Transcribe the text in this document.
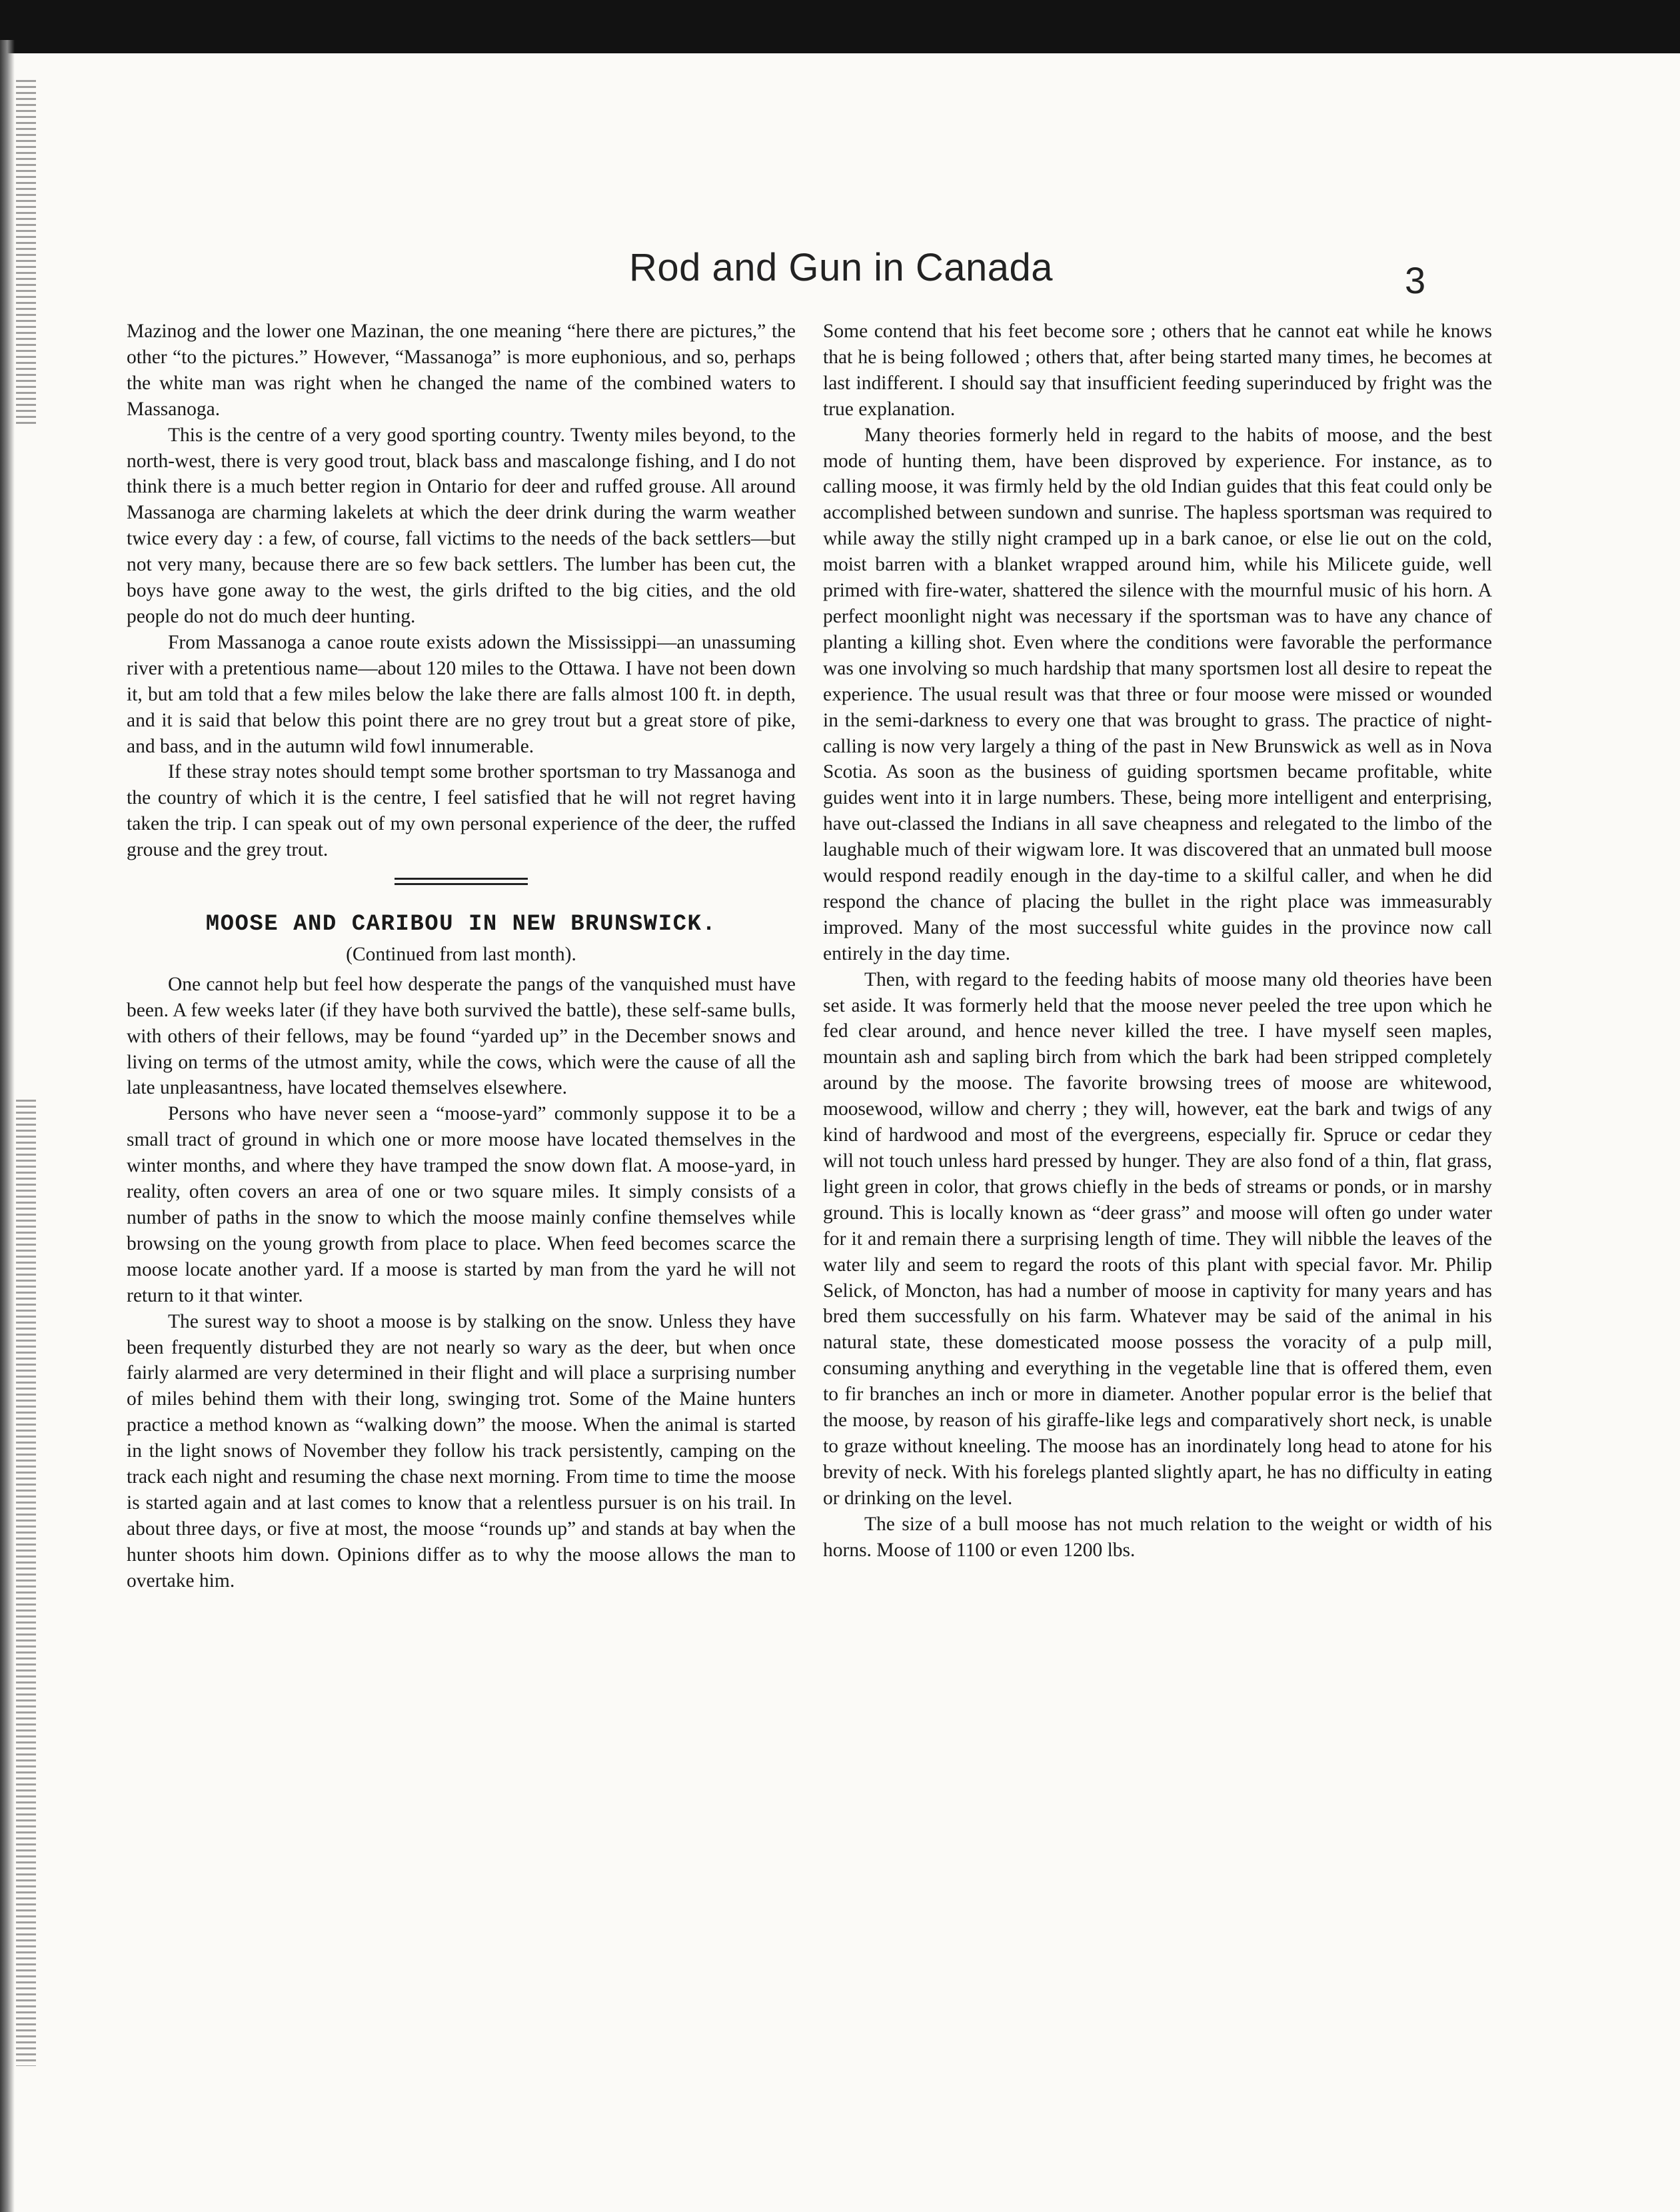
Rod and Gun in Canada	3

Mazinog and the lower one Mazinan, the one meaning “here there are pictures,” the other “to the pictures.” However, “Massanoga” is more euphonious, and so, perhaps the white man was right when he changed the name of the combined waters to Massanoga.

This is the centre of a very good sporting country. Twenty miles beyond, to the north-west, there is very good trout, black bass and mascalonge fishing, and I do not think there is a much better region in Ontario for deer and ruffed grouse. All around Massanoga are charming lakelets at which the deer drink during the warm weather twice every day : a few, of course, fall victims to the needs of the back settlers—but not very many, because there are so few back settlers. The lumber has been cut, the boys have gone away to the west, the girls drifted to the big cities, and the old people do not do much deer hunting.

From Massanoga a canoe route exists adown the Mississippi—an unassuming river with a pretentious name—about 120 miles to the Ottawa. I have not been down it, but am told that a few miles below the lake there are falls almost 100 ft. in depth, and it is said that below this point there are no grey trout but a great store of pike, and bass, and in the autumn wild fowl innumerable.

If these stray notes should tempt some brother sportsman to try Massanoga and the country of which it is the centre, I feel satisfied that he will not regret having taken the trip. I can speak out of my own personal experience of the deer, the ruffed grouse and the grey trout.

MOOSE AND CARIBOU IN NEW BRUNSWICK.
(Continued from last month).

One cannot help but feel how desperate the pangs of the vanquished must have been. A few weeks later (if they have both survived the battle), these self-same bulls, with others of their fellows, may be found “yarded up” in the December snows and living on terms of the utmost amity, while the cows, which were the cause of all the late unpleasantness, have located themselves elsewhere.

Persons who have never seen a “moose-yard” commonly suppose it to be a small tract of ground in which one or more moose have located themselves in the winter months, and where they have tramped the snow down flat. A moose-yard, in reality, often covers an area of one or two square miles. It simply consists of a number of paths in the snow to which the moose mainly confine themselves while browsing on the young growth from place to place. When feed becomes scarce the moose locate another yard. If a moose is started by man from the yard he will not return to it that winter.

The surest way to shoot a moose is by stalking on the snow. Unless they have been frequently disturbed they are not nearly so wary as the deer, but when once fairly alarmed are very determined in their flight and will place a surprising number of miles behind them with their long, swinging trot. Some of the Maine hunters practice a method known as “walking down” the moose. When the animal is started in the light snows of November they follow his track persistently, camping on the track each night and resuming the chase next morning. From time to time the moose is started again and at last comes to know that a relentless pursuer is on his trail. In about three days, or five at most, the moose “rounds up” and stands at bay when the hunter shoots him down. Opinions differ as to why the moose allows the man to overtake him.

Some contend that his feet become sore ; others that he cannot eat while he knows that he is being followed ; others that, after being started many times, he becomes at last indifferent. I should say that insufficient feeding superinduced by fright was the true explanation.

Many theories formerly held in regard to the habits of moose, and the best mode of hunting them, have been disproved by experience. For instance, as to calling moose, it was firmly held by the old Indian guides that this feat could only be accomplished between sundown and sunrise. The hapless sportsman was required to while away the stilly night cramped up in a bark canoe, or else lie out on the cold, moist barren with a blanket wrapped around him, while his Milicete guide, well primed with fire-water, shattered the silence with the mournful music of his horn. A perfect moonlight night was necessary if the sportsman was to have any chance of planting a killing shot. Even where the conditions were favorable the performance was one involving so much hardship that many sportsmen lost all desire to repeat the experience. The usual result was that three or four moose were missed or wounded in the semi-darkness to every one that was brought to grass. The practice of night-calling is now very largely a thing of the past in New Brunswick as well as in Nova Scotia. As soon as the business of guiding sportsmen became profitable, white guides went into it in large numbers. These, being more intelligent and enterprising, have out-classed the Indians in all save cheapness and relegated to the limbo of the laughable much of their wigwam lore. It was discovered that an unmated bull moose would respond readily enough in the day-time to a skilful caller, and when he did respond the chance of placing the bullet in the right place was immeasurably improved. Many of the most successful white guides in the province now call entirely in the day time.

Then, with regard to the feeding habits of moose many old theories have been set aside. It was formerly held that the moose never peeled the tree upon which he fed clear around, and hence never killed the tree. I have myself seen maples, mountain ash and sapling birch from which the bark had been stripped completely around by the moose. The favorite browsing trees of moose are whitewood, moosewood, willow and cherry ; they will, however, eat the bark and twigs of any kind of hardwood and most of the evergreens, especially fir. Spruce or cedar they will not touch unless hard pressed by hunger. They are also fond of a thin, flat grass, light green in color, that grows chiefly in the beds of streams or ponds, or in marshy ground. This is locally known as “deer grass” and moose will often go under water for it and remain there a surprising length of time. They will nibble the leaves of the water lily and seem to regard the roots of this plant with special favor. Mr. Philip Selick, of Moncton, has had a number of moose in captivity for many years and has bred them successfully on his farm. Whatever may be said of the animal in his natural state, these domesticated moose possess the voracity of a pulp mill, consuming anything and everything in the vegetable line that is offered them, even to fir branches an inch or more in diameter. Another popular error is the belief that the moose, by reason of his giraffe-like legs and comparatively short neck, is unable to graze without kneeling. The moose has an inordinately long head to atone for his brevity of neck. With his forelegs planted slightly apart, he has no difficulty in eating or drinking on the level.

The size of a bull moose has not much relation to the weight or width of his horns. Moose of 1100 or even 1200 lbs.
